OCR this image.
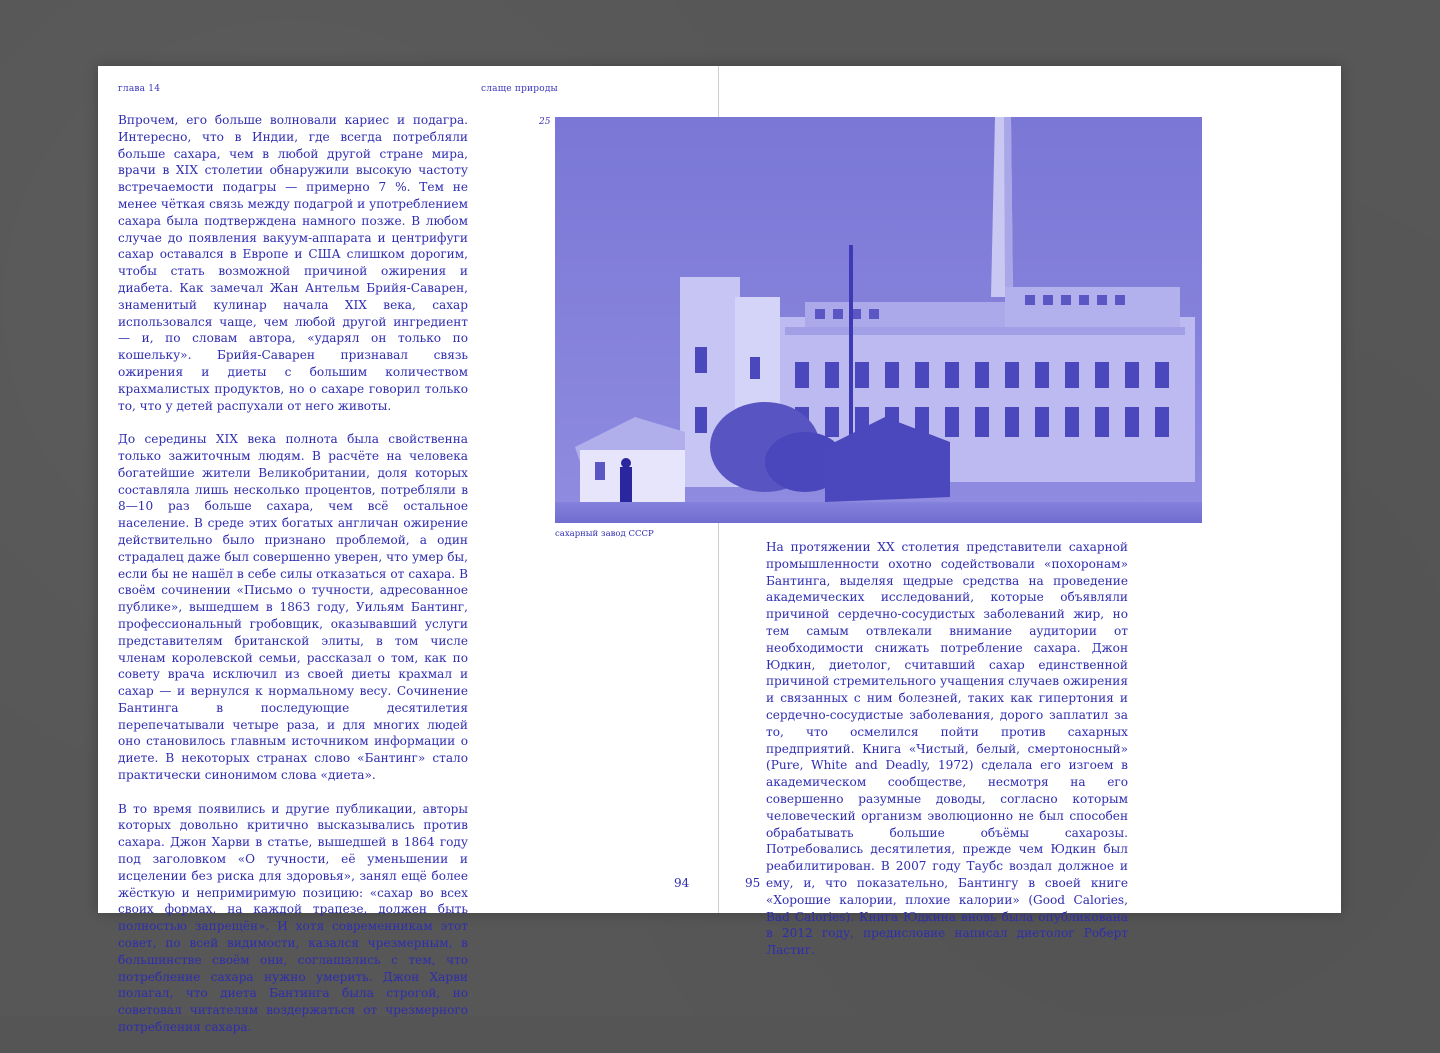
глава 14	слаще природы

Впрочем, его больше волновали кариес и подагра. Интересно, что в Индии, где всегда потребляли больше сахара, чем в любой другой стране мира, врачи в XIX столетии обнаружили высокую частоту встречаемости подагры — примерно 7 %. Тем не менее чёткая связь между подагрой и употреблением сахара была подтверждена намного позже. В любом случае до появления вакуум-аппарата и центрифуги сахар оставался в Европе и США слишком дорогим, чтобы стать возможной причиной ожирения и диабета. Как замечал Жан Антельм Брийя-Саварен, знаменитый кулинар начала XIX века, сахар использовался чаще, чем любой другой ингредиент — и, по словам автора, «ударял он только по кошельку». Брийя-Саварен признавал связь ожирения и диеты с большим количеством крахмалистых продуктов, но о сахаре говорил только то, что у детей распухали от него животы.

До середины XIX века полнота была свойственна только зажиточным людям. В расчёте на человека богатейшие жители Великобритании, доля которых составляла лишь несколько процентов, потребляли в 8—10 раз больше сахара, чем всё остальное население. В среде этих богатых англичан ожирение действительно было признано проблемой, а один страдалец даже был совершенно уверен, что умер бы, если бы не нашёл в себе силы отказаться от сахара. В своём сочинении «Письмо о тучности, адресованное публике», вышедшем в 1863 году, Уильям Бантинг, профессиональный гробовщик, оказывавший услуги представителям британской элиты, в том числе членам королевской семьи, рассказал о том, как по совету врача исключил из своей диеты крахмал и сахар — и вернулся к нормальному весу. Сочинение Бантинга в последующие десятилетия перепечатывали четыре раза, и для многих людей оно становилось главным источником информации о диете. В некоторых странах слово «Бантинг» стало практически синонимом слова «диета».

В то время появились и другие публикации, авторы которых довольно критично высказывались против сахара. Джон Харви в статье, вышедшей в 1864 году под заголовком «О тучности, её уменьшении и исцелении без риска для здоровья», занял ещё более жёсткую и непримиримую позицию: «сахар во всех своих формах, на каждой трапезе, должен быть полностью запрещён». И хотя современникам этот совет, по всей видимости, казался чрезмерным, в большинстве своём они, соглашались с тем, что потребление сахара нужно умерить. Джон Харви полагал, что диета Бантинга была строгой, но советовал читателям воздержаться от чрезмерного потребления сахара.

94

На протяжении XX столетия представители сахарной промышленности охотно содействовали «похоронам» Бантинга, выделяя щедрые средства на проведение академических исследований, которые объявляли причиной сердечно-сосудистых заболеваний жир, но тем самым отвлекали внимание аудитории от необходимости снижать потребление сахара. Джон Юдкин, диетолог, считавший сахар единственной причиной стремительного учащения случаев ожирения и связанных с ним болезней, таких как гипертония и сердечно-сосудистые заболевания, дорого заплатил за то, что осмелился пойти против сахарных предприятий. Книга «Чистый, белый, смертоносный» (Pure, White and Deadly, 1972) сделала его изгоем в академическом сообществе, несмотря на его совершенно разумные доводы, согласно которым человеческий организм эволюционно не был способен обрабатывать большие объёмы сахарозы. Потребовались десятилетия, прежде чем Юдкин был реабилитирован. В 2007 году Таубс воздал должное и ему, и, что показательно, Бантингу в своей книге «Хорошие калории, плохие калории» (Good Calories, Bad Calories). Книга Юдкина вновь была опубликована в 2012 году, предисловие написал диетолог Роберт Ластиг.

95
25
сахарный завод СССР
